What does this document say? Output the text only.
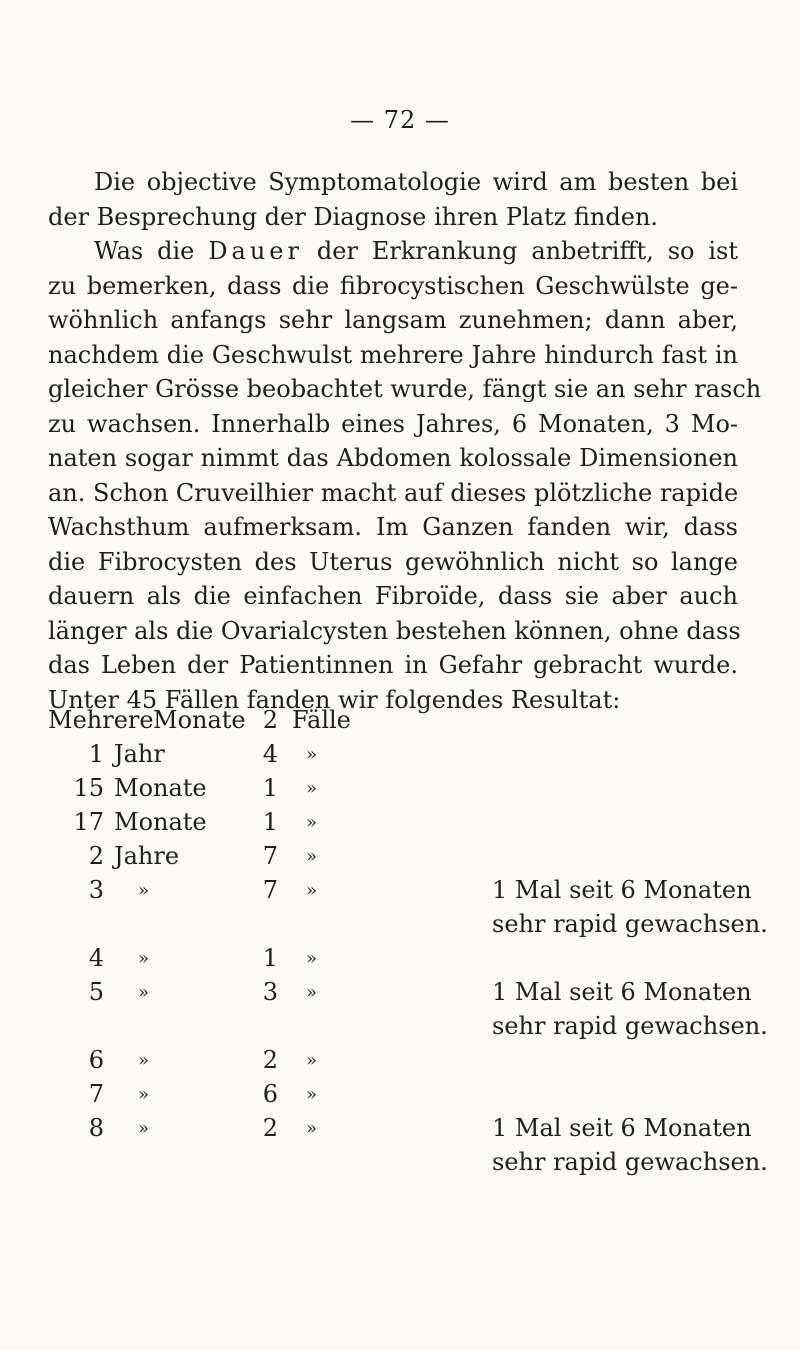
— 72 —
Die objective Symptomatologie wird am besten bei
der Besprechung der Diagnose ihren Platz finden.
Was die Dauer der Erkrankung anbetrifft, so ist
zu bemerken, dass die fibrocystischen Geschwülste ge-
wöhnlich anfangs sehr langsam zunehmen; dann aber,
nachdem die Geschwulst mehrere Jahre hindurch fast in
gleicher Grösse beobachtet wurde, fängt sie an sehr rasch
zu wachsen. Innerhalb eines Jahres, 6 Monaten, 3 Mo-
naten sogar nimmt das Abdomen kolossale Dimensionen
an. Schon Cruveilhier macht auf dieses plötzliche rapide
Wachsthum aufmerksam. Im Ganzen fanden wir, dass
die Fibrocysten des Uterus gewöhnlich nicht so lange
dauern als die einfachen Fibroïde, dass sie aber auch
länger als die Ovarialcysten bestehen können, ohne dass
das Leben der Patientinnen in Gefahr gebracht wurde.
Unter 45 Fällen fanden wir folgendes Resultat:
Mehrere Monate 2 Fälle
1 Jahr	4 »
15 Monate	1 »
17 Monate	1 »
2 Jahre	7 »
3 »	7 »	1 Mal seit 6 Monaten
sehr rapid gewachsen.
4 »	1 »
5 »	3 »	1 Mal seit 6 Monaten
sehr rapid gewachsen.
6 »	2 »
7 »	6 »
8 »	2 »	1 Mal seit 6 Monaten
sehr rapid gewachsen.
